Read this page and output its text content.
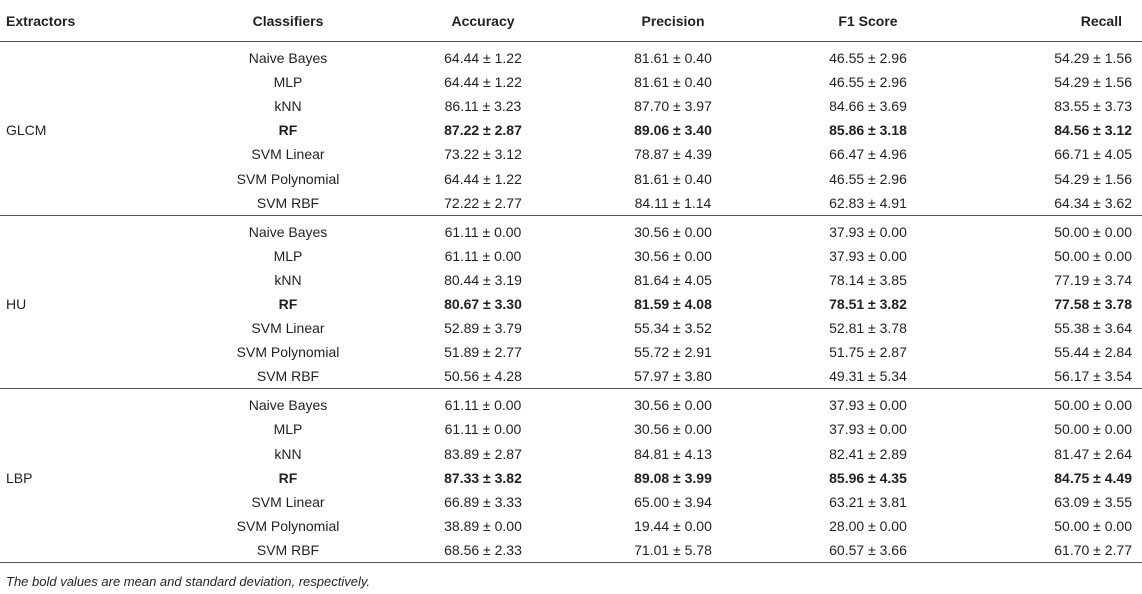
Extractors	Classifiers	Accuracy	Precision	F1 Score	Recall
GLCM	Naive Bayes	64.44 ± 1.22	81.61 ± 0.40	46.55 ± 2.96	54.29 ± 1.56
	MLP	64.44 ± 1.22	81.61 ± 0.40	46.55 ± 2.96	54.29 ± 1.56
	kNN	86.11 ± 3.23	87.70 ± 3.97	84.66 ± 3.69	83.55 ± 3.73
	RF	87.22 ± 2.87	89.06 ± 3.40	85.86 ± 3.18	84.56 ± 3.12
	SVM Linear	73.22 ± 3.12	78.87 ± 4.39	66.47 ± 4.96	66.71 ± 4.05
	SVM Polynomial	64.44 ± 1.22	81.61 ± 0.40	46.55 ± 2.96	54.29 ± 1.56
	SVM RBF	72.22 ± 2.77	84.11 ± 1.14	62.83 ± 4.91	64.34 ± 3.62
HU	Naive Bayes	61.11 ± 0.00	30.56 ± 0.00	37.93 ± 0.00	50.00 ± 0.00
	MLP	61.11 ± 0.00	30.56 ± 0.00	37.93 ± 0.00	50.00 ± 0.00
	kNN	80.44 ± 3.19	81.64 ± 4.05	78.14 ± 3.85	77.19 ± 3.74
	RF	80.67 ± 3.30	81.59 ± 4.08	78.51 ± 3.82	77.58 ± 3.78
	SVM Linear	52.89 ± 3.79	55.34 ± 3.52	52.81 ± 3.78	55.38 ± 3.64
	SVM Polynomial	51.89 ± 2.77	55.72 ± 2.91	51.75 ± 2.87	55.44 ± 2.84
	SVM RBF	50.56 ± 4.28	57.97 ± 3.80	49.31 ± 5.34	56.17 ± 3.54
LBP	Naive Bayes	61.11 ± 0.00	30.56 ± 0.00	37.93 ± 0.00	50.00 ± 0.00
	MLP	61.11 ± 0.00	30.56 ± 0.00	37.93 ± 0.00	50.00 ± 0.00
	kNN	83.89 ± 2.87	84.81 ± 4.13	82.41 ± 2.89	81.47 ± 2.64
	RF	87.33 ± 3.82	89.08 ± 3.99	85.96 ± 4.35	84.75 ± 4.49
	SVM Linear	66.89 ± 3.33	65.00 ± 3.94	63.21 ± 3.81	63.09 ± 3.55
	SVM Polynomial	38.89 ± 0.00	19.44 ± 0.00	28.00 ± 0.00	50.00 ± 0.00
	SVM RBF	68.56 ± 2.33	71.01 ± 5.78	60.57 ± 3.66	61.70 ± 2.77
The bold values are mean and standard deviation, respectively.
